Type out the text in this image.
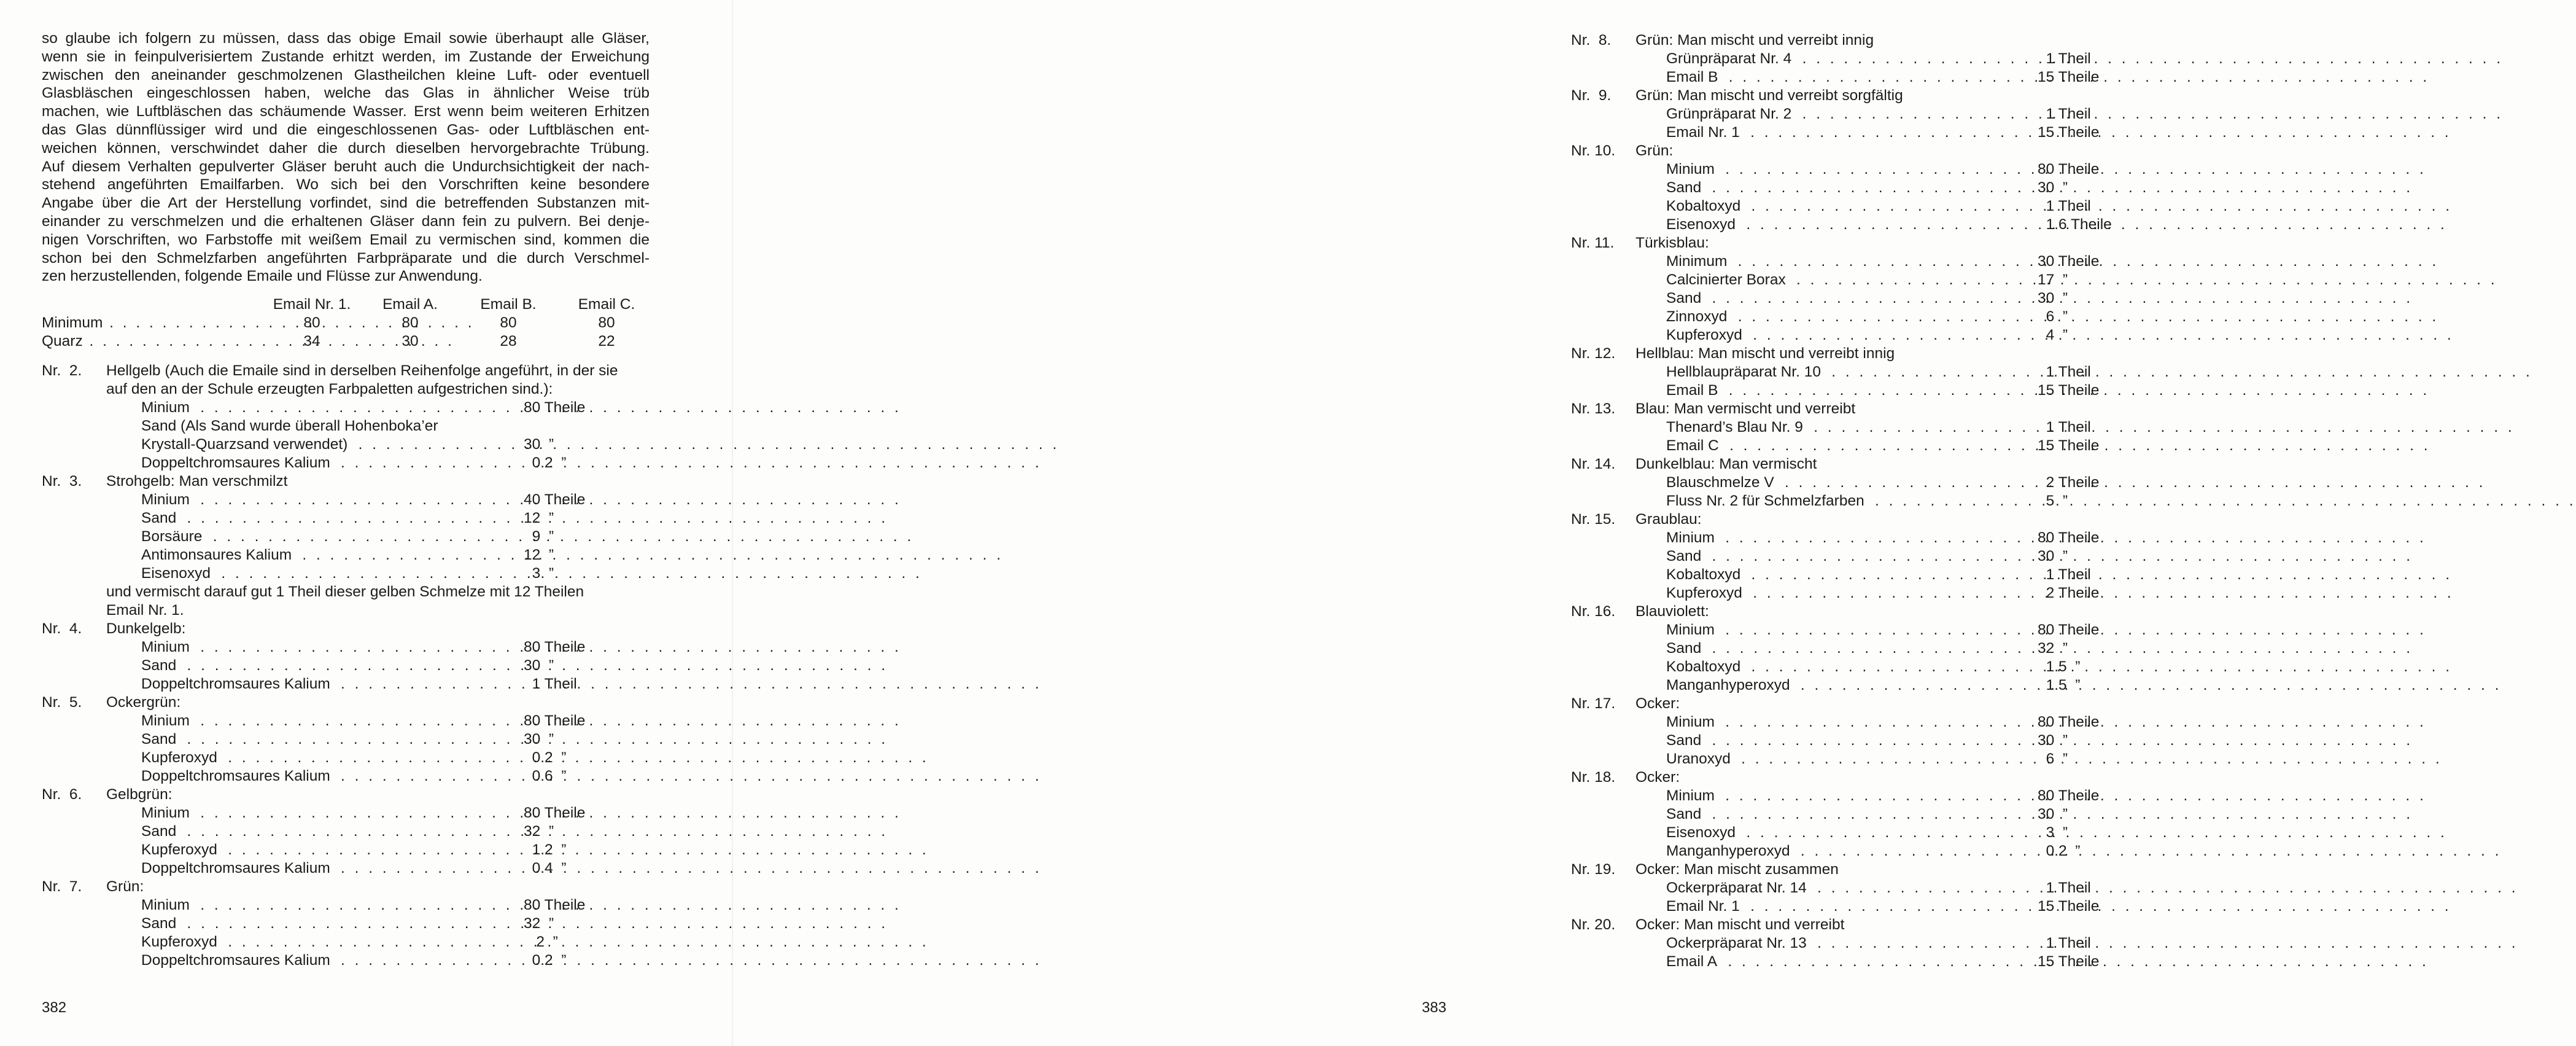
so glaube ich folgern zu müssen, dass das obige Email sowie überhaupt alle Gläser,
wenn sie in feinpulverisiertem Zustande erhitzt werden, im Zustande der Erweichung
zwischen den aneinander geschmolzenen Glastheilchen kleine Luft- oder eventuell
Glasbläschen eingeschlossen haben, welche das Glas in ähnlicher Weise trüb
machen, wie Luftbläschen das schäumende Wasser. Erst wenn beim weiteren Erhitzen
das Glas dünnflüssiger wird und die eingeschlossenen Gas- oder Luftbläschen ent-
weichen können, verschwindet daher die durch dieselben hervorgebrachte Trübung.
Auf diesem Verhalten gepulverter Gläser beruht auch die Undurchsichtigkeit der nach-
stehend angeführten Emailfarben. Wo sich bei den Vorschriften keine besondere
Angabe über die Art der Herstellung vorfindet, sind die betreffenden Substanzen mit-
einander zu verschmelzen und die erhaltenen Gläser dann fein zu pulvern. Bei denje-
nigen Vorschriften, wo Farbstoffe mit weißem Email zu vermischen sind, kommen die
schon bei den Schmelzfarben angeführten Farbpräparate und die durch Verschmel-
zen herzustellenden, folgende Emaile und Flüsse zur Anwendung.

Email Nr. 1.	Email A.	Email B.	Email C.
Minimum . . .	80	80	80	80
Quarz . . .	34	30	28	22
Nr.  2.	Hellgelb (Auch die Emaile sind in derselben Reihenfolge angeführt, in der sie
auf den an der Schule erzeugten Farbpaletten aufgestrichen sind.):
Minium . . .	80 Theile
Sand (Als Sand wurde überall Hohenboka’er
Krystall-Quarzsand verwendet) . . .	30  ”
Doppeltchromsaures Kalium . . .	0.2  ”
Nr.  3.	Strohgelb: Man verschmilzt
Minium . . .	40 Theile
Sand . . .	12  ”
Borsäure . . .	9  ”
Antimonsaures Kalium . . .	12  ”
Eisenoxyd . . .	3  ”
und vermischt darauf gut 1 Theil dieser gelben Schmelze mit 12 Theilen
Email Nr. 1.
Nr.  4.	Dunkelgelb:
Minium . . .	80 Theile
Sand . . .	30  ”
Doppeltchromsaures Kalium . . .	1 Theil
Nr.  5.	Ockergrün:
Minium . . .	80 Theile
Sand . . .	30  ”
Kupferoxyd . . .	0.2  ”
Doppeltchromsaures Kalium . . .	0.6  ”
Nr.  6.	Gelbgrün:
Minium . . .	80 Theile
Sand . . .	32  ”
Kupferoxyd . . .	1.2  ”
Doppeltchromsaures Kalium . . .	0.4  ”
Nr.  7.	Grün:
Minium . . .	80 Theile
Sand . . .	32  ”
Kupferoxyd . . .	2  ”
Doppeltchromsaures Kalium . . .	0.2  ”
382
Nr.  8.	Grün: Man mischt und verreibt innig
Grünpräparat Nr. 4 . . .	1 Theil
Email B . . .	15 Theile
Nr.  9.	Grün: Man mischt und verreibt sorgfältig
Grünpräparat Nr. 2 . . .	1 Theil
Email Nr. 1 . . .	15 Theile
Nr. 10.	Grün:
Minium . . .	80 Theile
Sand . . .	30  ”
Kobaltoxyd . . .	1 Theil
Eisenoxyd . . .	1.6 Theile
Nr. 11.	Türkisblau:
Minimum . . .	30 Theile
Calcinierter Borax . . .	17  ”
Sand . . .	30  ”
Zinnoxyd . . .	6  ”
Kupferoxyd . . .	4  ”
Nr. 12.	Hellblau: Man mischt und verreibt innig
Hellblaupräparat Nr. 10 . . .	1 Theil
Email B . . .	15 Theile
Nr. 13.	Blau: Man vermischt und verreibt
Thenard’s Blau Nr. 9 . . .	1 Theil
Email C . . .	15 Theile
Nr. 14.	Dunkelblau: Man vermischt
Blauschmelze V . . .	2 Theile
Fluss Nr. 2 für Schmelzfarben . . .	5  ”
Nr. 15.	Graublau:
Minium . . .	80 Theile
Sand . . .	30  ”
Kobaltoxyd . . .	1 Theil
Kupferoxyd . . .	2 Theile
Nr. 16.	Blauviolett:
Minium . . .	80 Theile
Sand . . .	32  ”
Kobaltoxyd . . .	1.5  ”
Manganhyperoxyd . . .	1.5  ”
Nr. 17.	Ocker:
Minium . . .	80 Theile
Sand . . .	30  ”
Uranoxyd . . .	6  ”
Nr. 18.	Ocker:
Minium . . .	80 Theile
Sand . . .	30  ”
Eisenoxyd . . .	3  ”
Manganhyperoxyd . . .	0.2  ”
Nr. 19.	Ocker: Man mischt zusammen
Ockerpräparat Nr. 14 . . .	1 Theil
Email Nr. 1 . . .	15 Theile
Nr. 20.	Ocker: Man mischt und verreibt
Ockerpräparat Nr. 13 . . .	1 Theil
Email A . . .	15 Theile
383
